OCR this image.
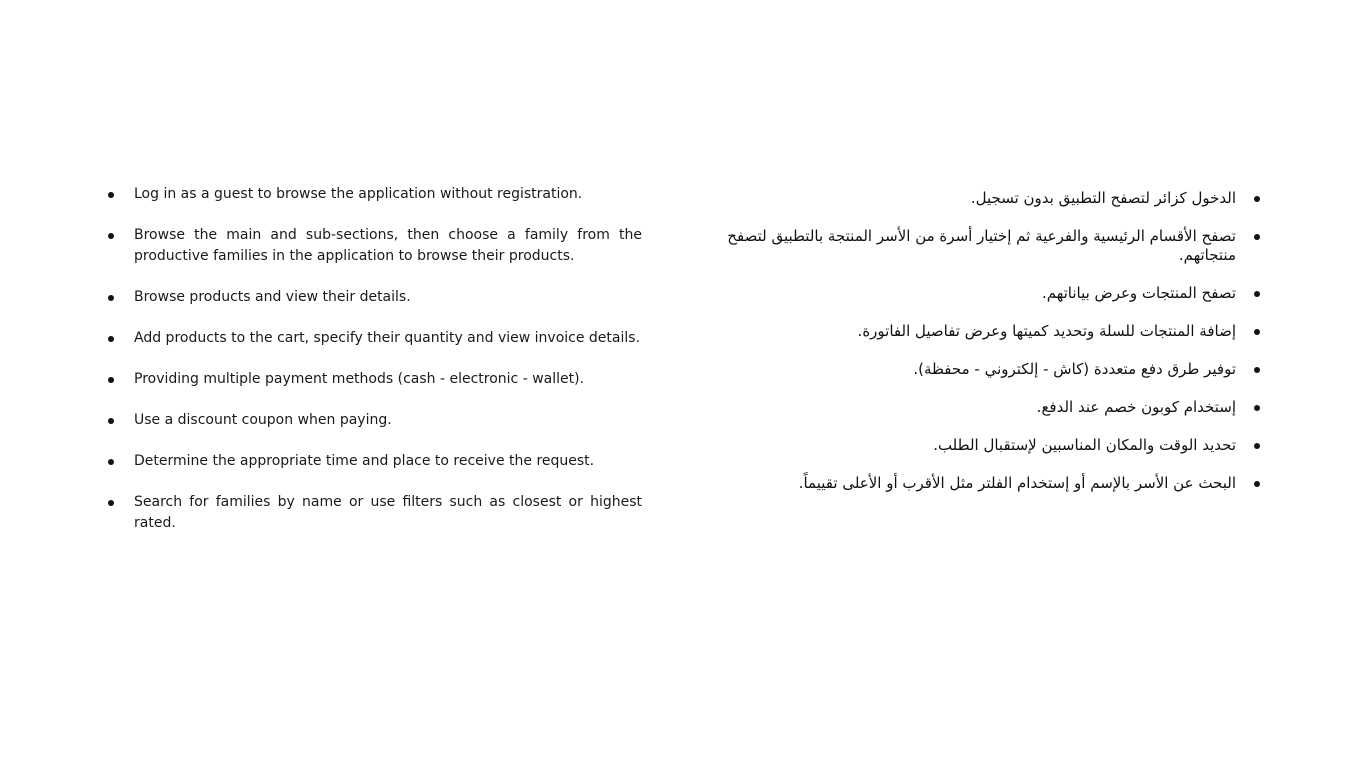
Log in as a guest to browse the application without registration.
Browse the main and sub-sections, then choose a family from the productive families in the application to browse their products.
Browse products and view their details.
Add products to the cart, specify their quantity and view invoice details.
Providing multiple payment methods (cash - electronic - wallet).
Use a discount coupon when paying.
Determine the appropriate time and place to receive the request.
Search for families by name or use filters such as closest or highest rated.
الدخول كزائر لتصفح التطبيق بدون تسجيل.
تصفح الأقسام الرئيسية والفرعية ثم إختيار أسرة من الأسر المنتجة بالتطبيق لتصفح منتجاتهم.
تصفح المنتجات وعرض بياناتهم.
إضافة المنتجات للسلة وتحديد كميتها وعرض تفاصيل الفاتورة.
توفير طرق دفع متعددة (كاش - إلكتروني - محفظة).
إستخدام كوبون خصم عند الدفع.
تحديد الوقت والمكان المناسبين لإستقبال الطلب.
البحث عن الأسر بالإسم أو إستخدام الفلتر مثل الأقرب أو الأعلى تقييماً.
